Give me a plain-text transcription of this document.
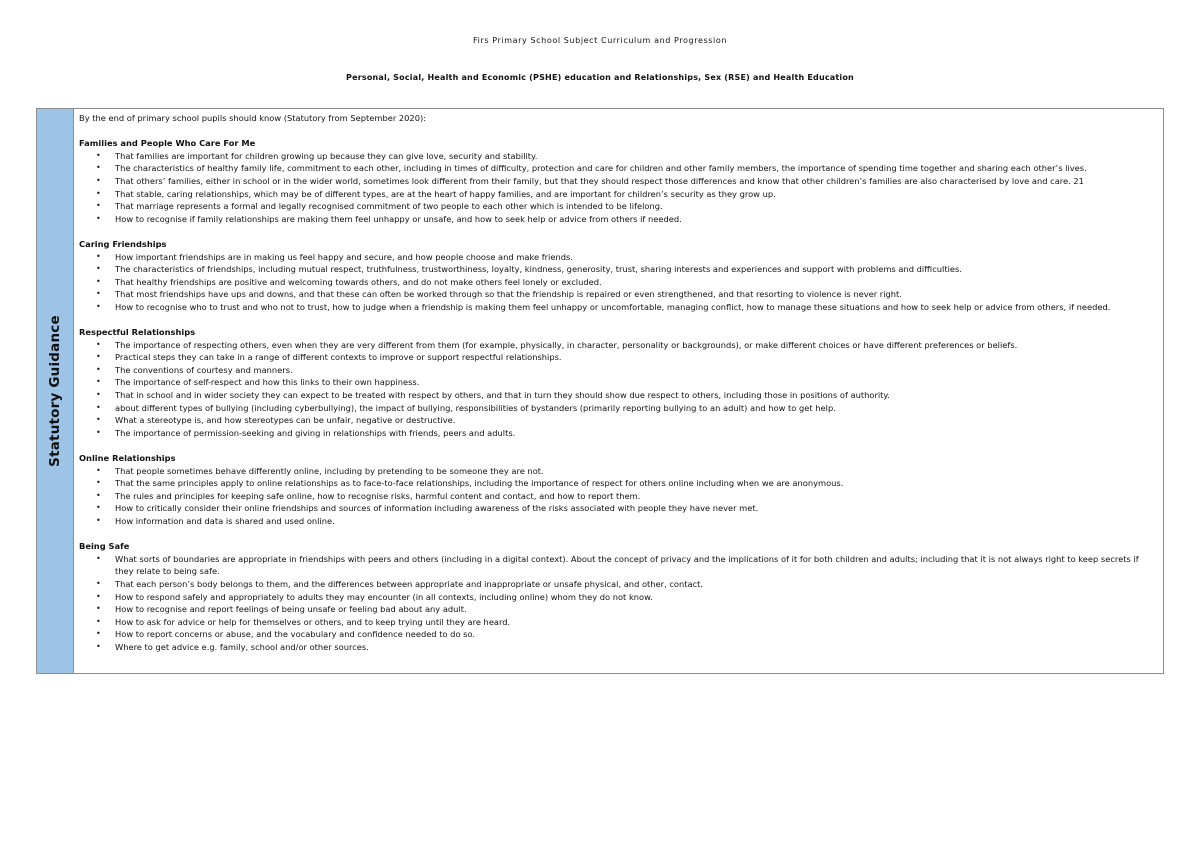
Firs Primary School Subject Curriculum and Progression
Personal, Social, Health and Economic (PSHE) education and Relationships, Sex (RSE) and Health Education
Statutory Guidance

By the end of primary school pupils should know (Statutory from September 2020):

Families and People Who Care For Me

• That families are important for children growing up because they can give love, security and stability.
• The characteristics of healthy family life, commitment to each other, including in times of difficulty, protection and care for children and other family members, the importance of spending time together and sharing each other’s lives.
• That others’ families, either in school or in the wider world, sometimes look different from their family, but that they should respect those differences and know that other children’s families are also characterised by love and care. 21
• That stable, caring relationships, which may be of different types, are at the heart of happy families, and are important for children’s security as they grow up.
• That marriage represents a formal and legally recognised commitment of two people to each other which is intended to be lifelong.
• How to recognise if family relationships are making them feel unhappy or unsafe, and how to seek help or advice from others if needed.

Caring Friendships

• How important friendships are in making us feel happy and secure, and how people choose and make friends.
• The characteristics of friendships, including mutual respect, truthfulness, trustworthiness, loyalty, kindness, generosity, trust, sharing interests and experiences and support with problems and difficulties.
• That healthy friendships are positive and welcoming towards others, and do not make others feel lonely or excluded.
• That most friendships have ups and downs, and that these can often be worked through so that the friendship is repaired or even strengthened, and that resorting to violence is never right.
• How to recognise who to trust and who not to trust, how to judge when a friendship is making them feel unhappy or uncomfortable, managing conflict, how to manage these situations and how to seek help or advice from others, if needed.

Respectful Relationships

• The importance of respecting others, even when they are very different from them (for example, physically, in character, personality or backgrounds), or make different choices or have different preferences or beliefs.
• Practical steps they can take in a range of different contexts to improve or support respectful relationships.
• The conventions of courtesy and manners.
• The importance of self-respect and how this links to their own happiness.
• That in school and in wider society they can expect to be treated with respect by others, and that in turn they should show due respect to others, including those in positions of authority.
• about different types of bullying (including cyberbullying), the impact of bullying, responsibilities of bystanders (primarily reporting bullying to an adult) and how to get help.
• What a stereotype is, and how stereotypes can be unfair, negative or destructive.
• The importance of permission-seeking and giving in relationships with friends, peers and adults.

Online Relationships

• That people sometimes behave differently online, including by pretending to be someone they are not.
• That the same principles apply to online relationships as to face-to-face relationships, including the importance of respect for others online including when we are anonymous.
• The rules and principles for keeping safe online, how to recognise risks, harmful content and contact, and how to report them.
• How to critically consider their online friendships and sources of information including awareness of the risks associated with people they have never met.
• How information and data is shared and used online.

Being Safe

• What sorts of boundaries are appropriate in friendships with peers and others (including in a digital context). About the concept of privacy and the implications of it for both children and adults; including that it is not always right to keep secrets if they relate to being safe.
• That each person’s body belongs to them, and the differences between appropriate and inappropriate or unsafe physical, and other, contact.
• How to respond safely and appropriately to adults they may encounter (in all contexts, including online) whom they do not know.
• How to recognise and report feelings of being unsafe or feeling bad about any adult.
• How to ask for advice or help for themselves or others, and to keep trying until they are heard.
• How to report concerns or abuse, and the vocabulary and confidence needed to do so.
• Where to get advice e.g. family, school and/or other sources.
